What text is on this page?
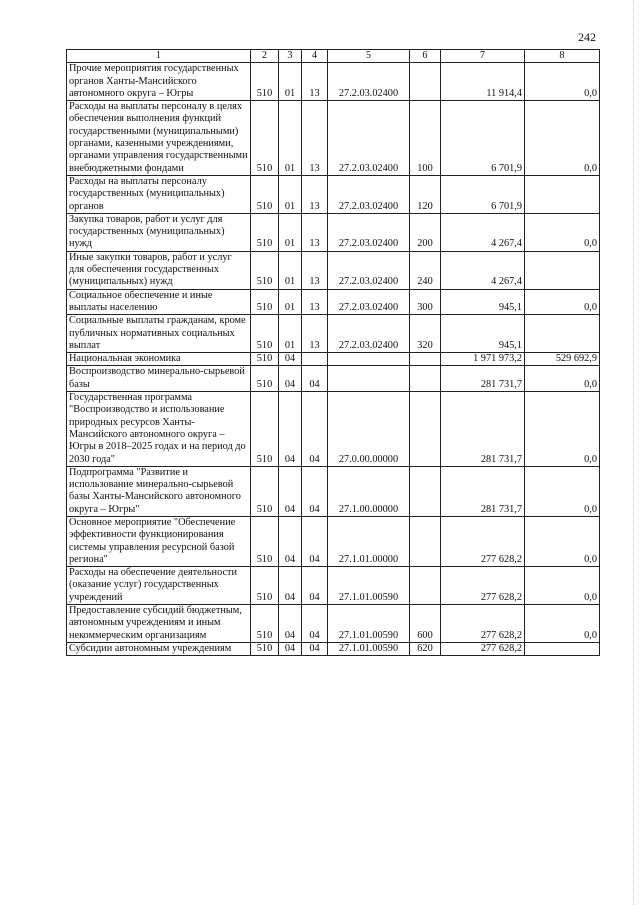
242
1	2	3	4	5	6	7	8
Прочие мероприятия государственных органов Ханты-Мансийского автономного округа – Югры	510	01	13	27.2.03.02400		11 914,4	0,0
Расходы на выплаты персоналу в целях обеспечения выполнения функций государственными (муниципальными) органами, казенными учреждениями, органами управления государственными внебюджетными фондами	510	01	13	27.2.03.02400	100	6 701,9	0,0
Расходы на выплаты персоналу государственных (муниципальных) органов	510	01	13	27.2.03.02400	120	6 701,9	
Закупка товаров, работ и услуг для государственных (муниципальных) нужд	510	01	13	27.2.03.02400	200	4 267,4	0,0
Иные закупки товаров, работ и услуг для обеспечения государственных (муниципальных) нужд	510	01	13	27.2.03.02400	240	4 267,4	
Социальное обеспечение и иные выплаты населению	510	01	13	27.2.03.02400	300	945,1	0,0
Социальные выплаты гражданам, кроме публичных нормативных социальных выплат	510	01	13	27.2.03.02400	320	945,1	
Национальная экономика	510	04				1 971 973,2	529 692,9
Воспроизводство минерально-сырьевой базы	510	04	04			281 731,7	0,0
Государственная программа "Воспроизводство и использование природных ресурсов Ханты-Мансийского автономного округа – Югры в 2018–2025 годах и на период до 2030 года"	510	04	04	27.0.00.00000		281 731,7	0,0
Подпрограмма "Развитие и использование минерально-сырьевой базы Ханты-Мансийского автономного округа – Югры"	510	04	04	27.1.00.00000		281 731,7	0,0
Основное мероприятие "Обеспечение эффективности функционирования системы управления ресурсной базой региона"	510	04	04	27.1.01.00000		277 628,2	0,0
Расходы на обеспечение деятельности (оказание услуг) государственных учреждений	510	04	04	27.1.01.00590		277 628,2	0,0
Предоставление субсидий бюджетным, автономным учреждениям и иным некоммерческим организациям	510	04	04	27.1.01.00590	600	277 628,2	0,0
Субсидии автономным учреждениям	510	04	04	27.1.01.00590	620	277 628,2	
